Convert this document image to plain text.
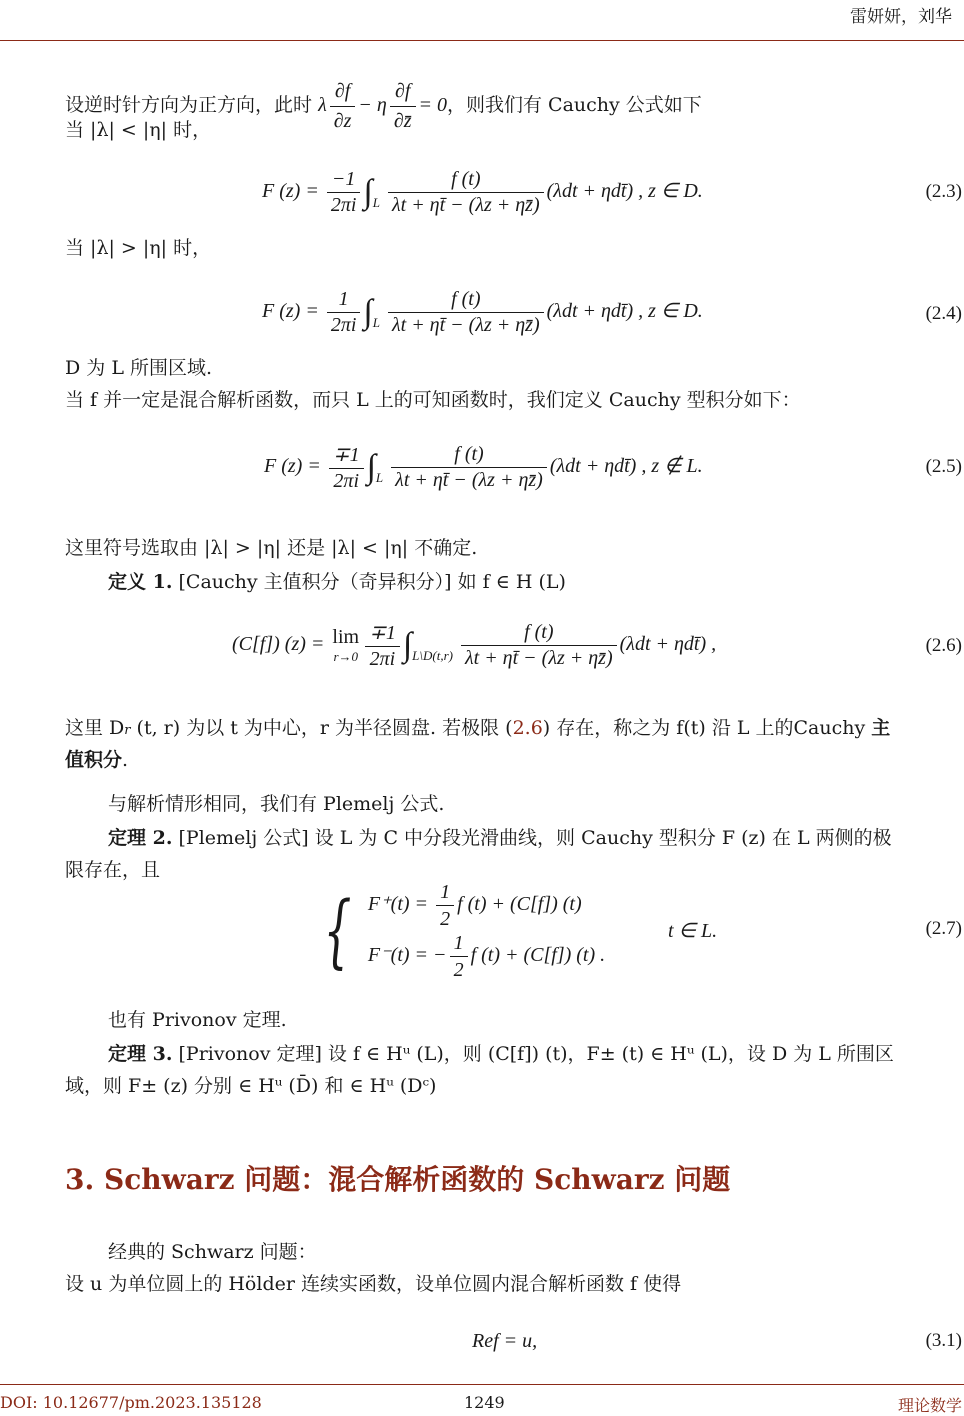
雷妍妍，刘华
设逆时针方向为正方向，此时 λ $\frac{\partial f}{\partial z} - \eta \frac{\partial f}{\partial z̄} = 0$，则我们有 Cauchy 公式如下
当 |λ| < |η| 时，
F $(z) = \frac{-1}{2\pi i} \int_L \frac{f (t)}{\lambda t + \eta t̄ - (\lambda z + \eta z̄)} (\lambda dt$ + ηdt̄) , z ∈ D.	(2.3)
当 |λ| > |η| 时，
F $(z) = \frac{1}{2\pi i} \int_L \frac{f (t)}{\lambda t + \eta t̄ - (\lambda z + \eta z̄)} (\lambda dt$ + ηdt̄) , z ∈ D.	(2.4)
D 为 L 所围区域.
当 f 并一定是混合解析函数，而只 L 上的可知函数时，我们定义 Cauchy 型积分如下：
F $(z) = \frac{\mp 1}{2\pi i} \int_L \frac{f (t)}{\lambda t + \eta t̄ - (\lambda z + \eta z̄)} (\lambda dt$ + ηdt̄) , z ∉ L.	(2.5)
这里符号选取由 |λ| > |η| 还是 |λ| < |η| 不确定.
定义 1. [Cauchy 主值积分（奇异积分）] 如 f ∈ H (L)
(C[f]) (z) = lim
$r\to 0 \frac{\mp 1}{2\pi i} \int_{L\backslash D(t,r)} \frac{f (t)}{\lambda t + \eta t̄ - (\lambda z + \eta z̄)} (\lambda dt$ + ηdt̄) ,	(2.6)
这里 Dr (t, r) 为以 t 为中心，r 为半径圆盘. 若极限 (2.6) 存在，称之为 f(t) 沿 L 上的Cauchy 主
值积分.
与解析情形相同，我们有 Plemelj 公式.
定理 2. [Plemelj 公式] 设 L 为 C 中分段光滑曲线，则 Cauchy 型积分 F (z) 在 L 两侧的极
限存在，且
{ $F^+(t) = \frac{1}{2}$ f (t) + (C[f]) (t)
F⁻(t) = − $\frac{1}{2}$ f (t) + (C[f]) (t) .
t ∈ L.	(2.7)
也有 Privonov 定理.
定理 3. [Privonov 定理] 设 f ∈ Hᵘ (L)，则 (C[f]) (t)，F± (t) ∈ Hᵘ (L)，设 D 为 L 所围区
域，则 F± (z) 分别 ∈ Hᵘ (D̄) 和 ∈ Hᵘ (Dᶜ)
3. Schwarz 问题：混合解析函数的 Schwarz 问题
经典的 Schwarz 问题：
设 u 为单位圆上的 Hölder 连续实函数，设单位圆内混合解析函数 f 使得
Ref = u,	(3.1)
DOI: 10.12677/pm.2023.135128	1249	理论数学
